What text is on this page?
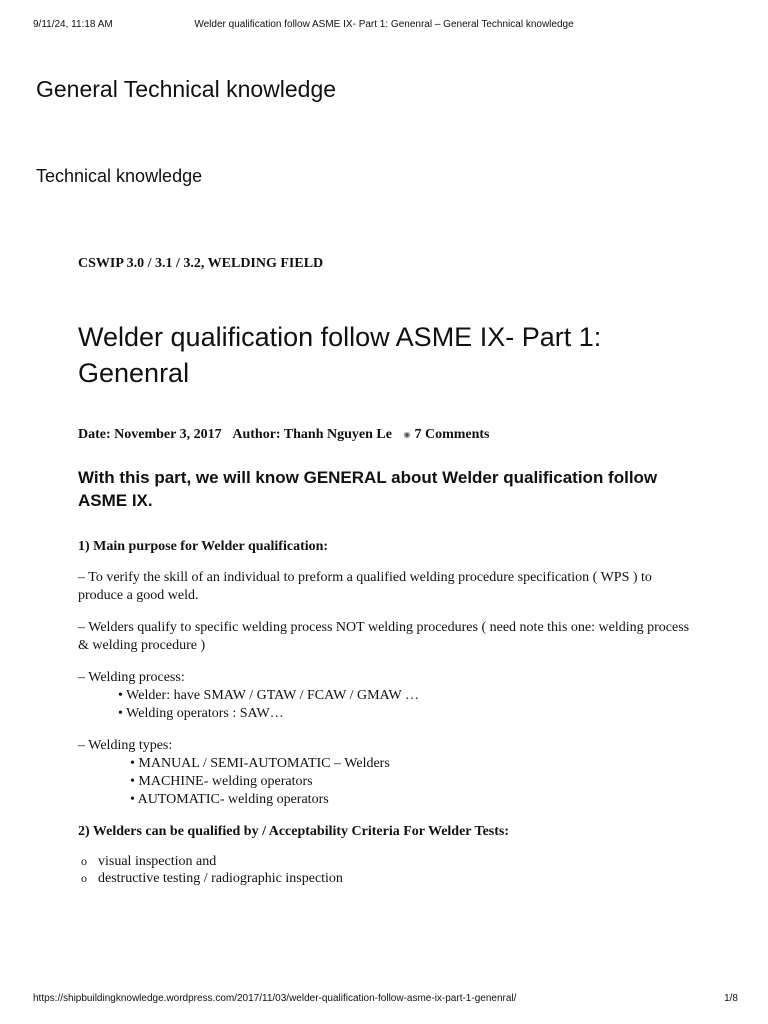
9/11/24, 11:18 AM	Welder qualification follow ASME IX- Part 1: Genenral – General Technical knowledge
General Technical knowledge
Technical knowledge
CSWIP 3.0 / 3.1 / 3.2, WELDING FIELD
Welder qualification follow ASME IX- Part 1: Genenral
Date: November 3, 2017 Author: Thanh Nguyen Le ◉ 7 Comments
With this part, we will know GENERAL about Welder qualification follow ASME IX.

1) Main purpose for Welder qualification:

– To verify the skill of an individual to preform a qualified welding procedure specification ( WPS ) to produce a good weld.

– Welders qualify to specific welding process NOT welding procedures ( need note this one: welding process & welding procedure )

– Welding process:

• Welder: have SMAW / GTAW / FCAW / GMAW …
• Welding operators : SAW…

– Welding types:

• MANUAL / SEMI-AUTOMATIC – Welders
• MACHINE- welding operators
• AUTOMATIC- welding operators

2) Welders can be qualified by / Acceptability Criteria For Welder Tests:

o visual inspection and
o destructive testing / radiographic inspection
https://shipbuildingknowledge.wordpress.com/2017/11/03/welder-qualification-follow-asme-ix-part-1-genenral/	1/8
